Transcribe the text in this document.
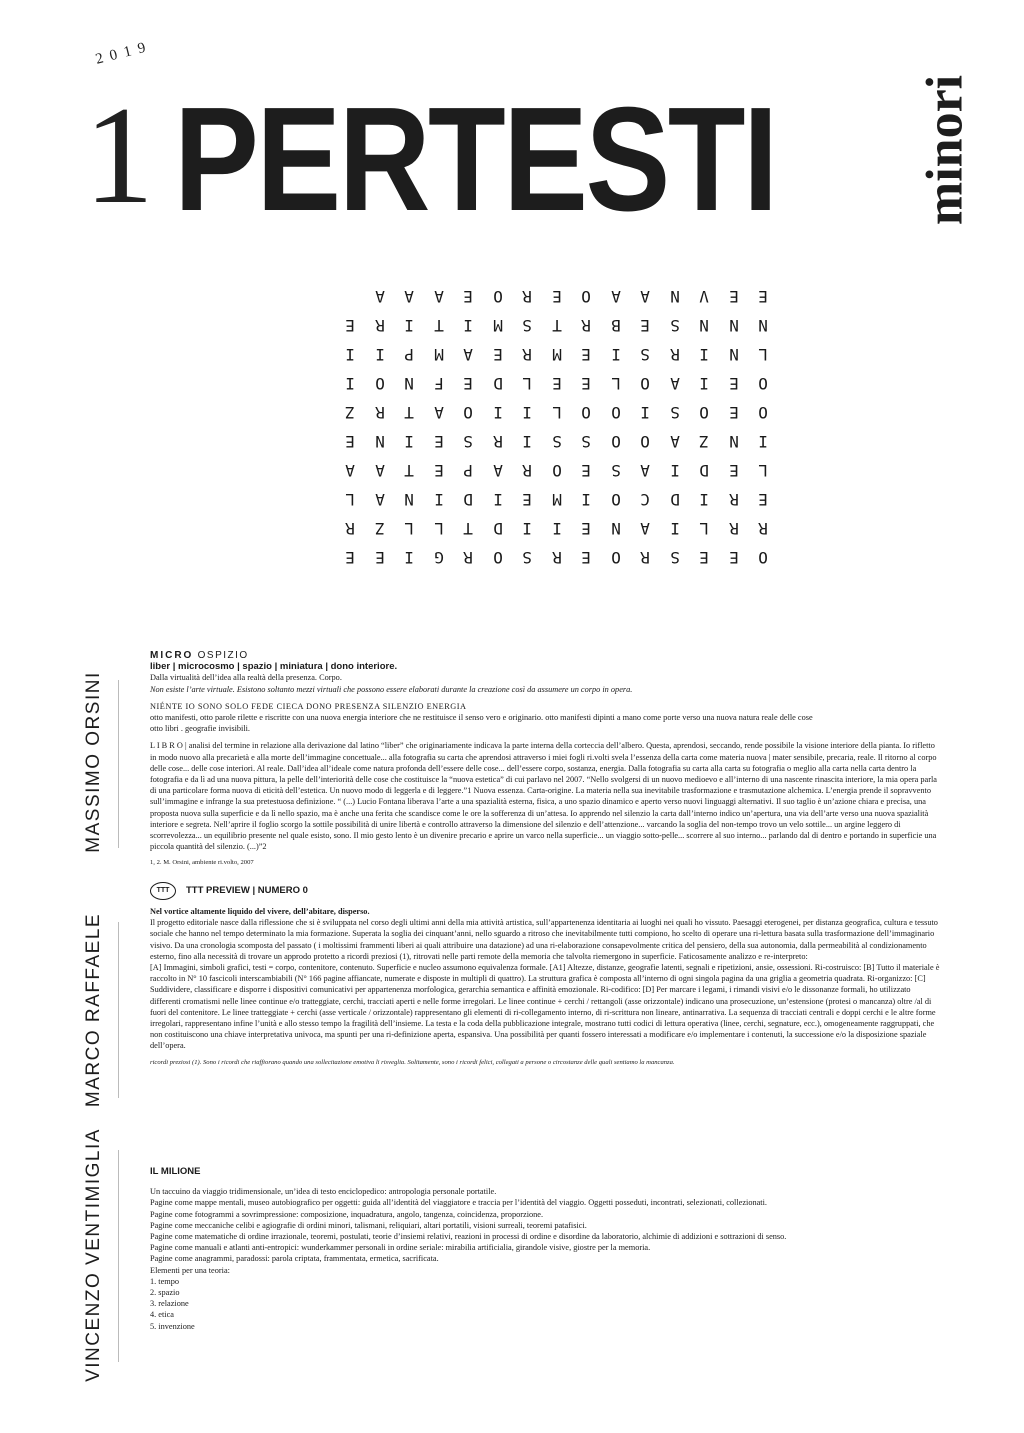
2019
1 PERTESTI	minori
O
R
E
L
I
O
O
L
N
E
E
R
R
E
N
E
E
N
N
E
E
L
I
D
Z
O
I
I
N
V
S
I
D
I
A
S
A
R
S
N
R
A
C
A
O
I
O
S
E
A
O
N
O
S
O
O
L
I
B
A
E
E
I
E
S
O
E
E
R
O
R
I
M
O
S
L
E
M
T
E
S
I
E
R
I
I
L
R
S
R
O
D
I
A
R
I
D
E
M
O
R
T
D
P
S
O
E
A
I
E
G
L
I
E
E
A
F
M
T
A
I
L
N
T
I
T
N
P
I
A
E
Z
A
A
N
R
O
I
R
A
E
R
L
A
E
Z
I
I
E
MASSIMO ORSINI
MARCO RAFFAELE
VINCENZO VENTIMIGLIA
MICRO OSPIZIO

liber | microcosmo | spazio | miniatura | dono interiore.

Dalla virtualità dell’idea alla realtà della presenza. Corpo.

Non esiste l’arte virtuale. Esistono soltanto mezzi virtuali che possono essere elaborati durante la creazione così da assumere un corpo in opera.

NIÉNTE IO SONO SOLO FEDE CIECA DONO PRESENZA SILENZIO ENERGIA

otto manifesti, otto parole rilette e riscritte con una nuova energia interiore che ne restituisce il senso vero e originario. otto manifesti dipinti a mano come porte verso una nuova natura reale delle cose

otto libri . geografie invisibili.

L I B R O | analisi del termine in relazione alla derivazione dal latino “liber” che originariamente indicava la parte interna della corteccia dell’albero. Questa, aprendosi, seccando, rende possibile la visione interiore della pianta. Io rifletto in modo nuovo alla precarietà e alla morte dell’immagine concettuale... alla fotografia su carta che aprendosi attraverso i miei fogli ri.volti svela l’essenza della carta come materia nuova | mater sensibile, precaria, reale. Il ritorno al corpo delle cose... delle cose interiori. Al reale. Dall’idea all’ideale come natura profonda dell’essere delle cose... dell’essere corpo, sostanza, energia. Dalla fotografia su carta alla carta su fotografia o meglio alla carta nella carta dentro la fotografia e da lì ad una nuova pittura, la pelle dell’interiorità delle cose che costituisce la “nuova estetica” di cui parlavo nel 2007. “Nello svolgersi di un nuovo medioevo e all’interno di una nascente rinascita interiore, la mia opera parla di una particolare forma nuova di eticità dell’estetica. Un nuovo modo di leggerla e di leggere.”1 Nuova essenza. Carta-origine. La materia nella sua inevitabile trasformazione e trasmutazione alchemica. L’energia prende il sopravvento sull’immagine e infrange la sua pretestuosa definizione. “ (...) Lucio Fontana liberava l’arte a una spazialità esterna, fisica, a uno spazio dinamico e aperto verso nuovi linguaggi alternativi. Il suo taglio è un’azione chiara e precisa, una proposta nuova sulla superficie e da lì nello spazio, ma è anche una ferita che scandisce come le ore la sofferenza di un’attesa. Io apprendo nel silenzio la carta dall’interno indico un’apertura, una via dell’arte verso una nuova spazialità interiore e segreta. Nell’aprire il foglio scorgo la sottile possibilità di unire libertà e controllo attraverso la dimensione del silenzio e dell’attenzione... varcando la soglia del non-tempo trovo un velo sottile... un argine leggero di scorrevolezza... un equilibrio presente nel quale esisto, sono. Il mio gesto lento è un divenire precario e aprire un varco nella superficie... un viaggio sotto-pelle... scorrere al suo interno... parlando dal di dentro e portando in superficie una piccola quantità del silenzio. (...)”2

1, 2. M. Orsini, ambiente ri.volto, 2007

TTT	TTT PREVIEW | NUMERO 0

Nel vortice altamente liquido del vivere, dell’abitare, disperso.

Il progetto editoriale nasce dalla riflessione che si è sviluppata nel corso degli ultimi anni della mia attività artistica, sull’appartenenza identitaria ai luoghi nei quali ho vissuto. Paesaggi eterogenei, per distanza geografica, cultura e tessuto sociale che hanno nel tempo determinato la mia formazione. Superata la soglia dei cinquant’anni, nello sguardo a ritroso che inevitabilmente tutti compiono, ho scelto di operare una ri-lettura basata sulla trasformazione dell’immaginario visivo. Da una cronologia scomposta del passato ( i moltissimi frammenti liberi ai quali attribuire una datazione) ad una ri-elaborazione consapevolmente critica del pensiero, della sua autonomia, dalla permeabilità al condizionamento esterno, fino alla necessità di trovare un approdo protetto a ricordi preziosi (1), ritrovati nelle parti remote della memoria che talvolta riemergono in superficie. Faticosamente analizzo e re-interpreto:

[A] Immagini, simboli grafici, testi = corpo, contenitore, contenuto. Superficie e nucleo assumono equivalenza formale. [A1] Altezze, distanze, geografie latenti, segnali e ripetizioni, ansie, ossessioni. Ri-costruisco: [B] Tutto il materiale è raccolto in N° 10 fascicoli interscambiabili (N° 166 pagine affiancate, numerate e disposte in multipli di quattro). La struttura grafica è composta all’interno di ogni singola pagina da una griglia a geometria quadrata. Ri-organizzo: [C] Suddividere, classificare e disporre i dispositivi comunicativi per appartenenza morfologica, gerarchia semantica e affinità emozionale. Ri-codifico: [D] Per marcare i legami, i rimandi visivi e/o le dissonanze formali, ho utilizzato differenti cromatismi nelle linee continue e/o tratteggiate, cerchi, tracciati aperti e nelle forme irregolari. Le linee continue + cerchi / rettangoli (asse orizzontale) indicano una prosecuzione, un’estensione (protesi o mancanza) oltre /al di fuori del contenitore. Le linee tratteggiate + cerchi (asse verticale / orizzontale) rappresentano gli elementi di ri-collegamento interno, di ri-scrittura non lineare, antinarrativa. La sequenza di tracciati centrali e doppi cerchi e le altre forme irregolari, rappresentano infine l’unità e allo stesso tempo la fragilità dell’insieme. La testa e la coda della pubblicazione integrale, mostrano tutti codici di lettura operativa (linee, cerchi, segnature, ecc.), omogeneamente raggruppati, che non costituiscono una chiave interpretativa univoca, ma spunti per una ri-definizione aperta, espansiva. Una possibilità per quanti fossero interessati a modificare e/o implementare i contenuti, la successione e/o la disposizione spaziale dell’opera.

ricordi preziosi (1). Sono i ricordi che riaffiorano quando una sollecitazione emotiva li risveglia. Solitamente, sono i ricordi felici, collegati a persone o circostanze delle quali sentiamo la mancanza.

IL MILIONE

Un taccuino da viaggio tridimensionale, un’idea di testo enciclopedico: antropologia personale portatile.

Pagine come mappe mentali, museo autobiografico per oggetti: guida all’identità del viaggiatore e traccia per l’identità del viaggio. Oggetti posseduti, incontrati, selezionati, collezionati.

Pagine come fotogrammi a sovrimpressione: composizione, inquadratura, angolo, tangenza, coincidenza, proporzione.

Pagine come meccaniche celibi e agiografie di ordini minori, talismani, reliquiari, altari portatili, visioni surreali, teoremi patafisici.

Pagine come matematiche di ordine irrazionale, teoremi, postulati, teorie d’insiemi relativi, reazioni in processi di ordine e disordine da laboratorio, alchimie di addizioni e sottrazioni di senso.

Pagine come manuali e atlanti anti-entropici: wunderkammer personali in ordine seriale: mirabilia artificialia, girandole visive, giostre per la memoria.

Pagine come anagrammi, paradossi: parola criptata, frammentata, ermetica, sacrificata.

Elementi per una teoria:

1. tempo

2. spazio

3. relazione

4. etica

5. invenzione
